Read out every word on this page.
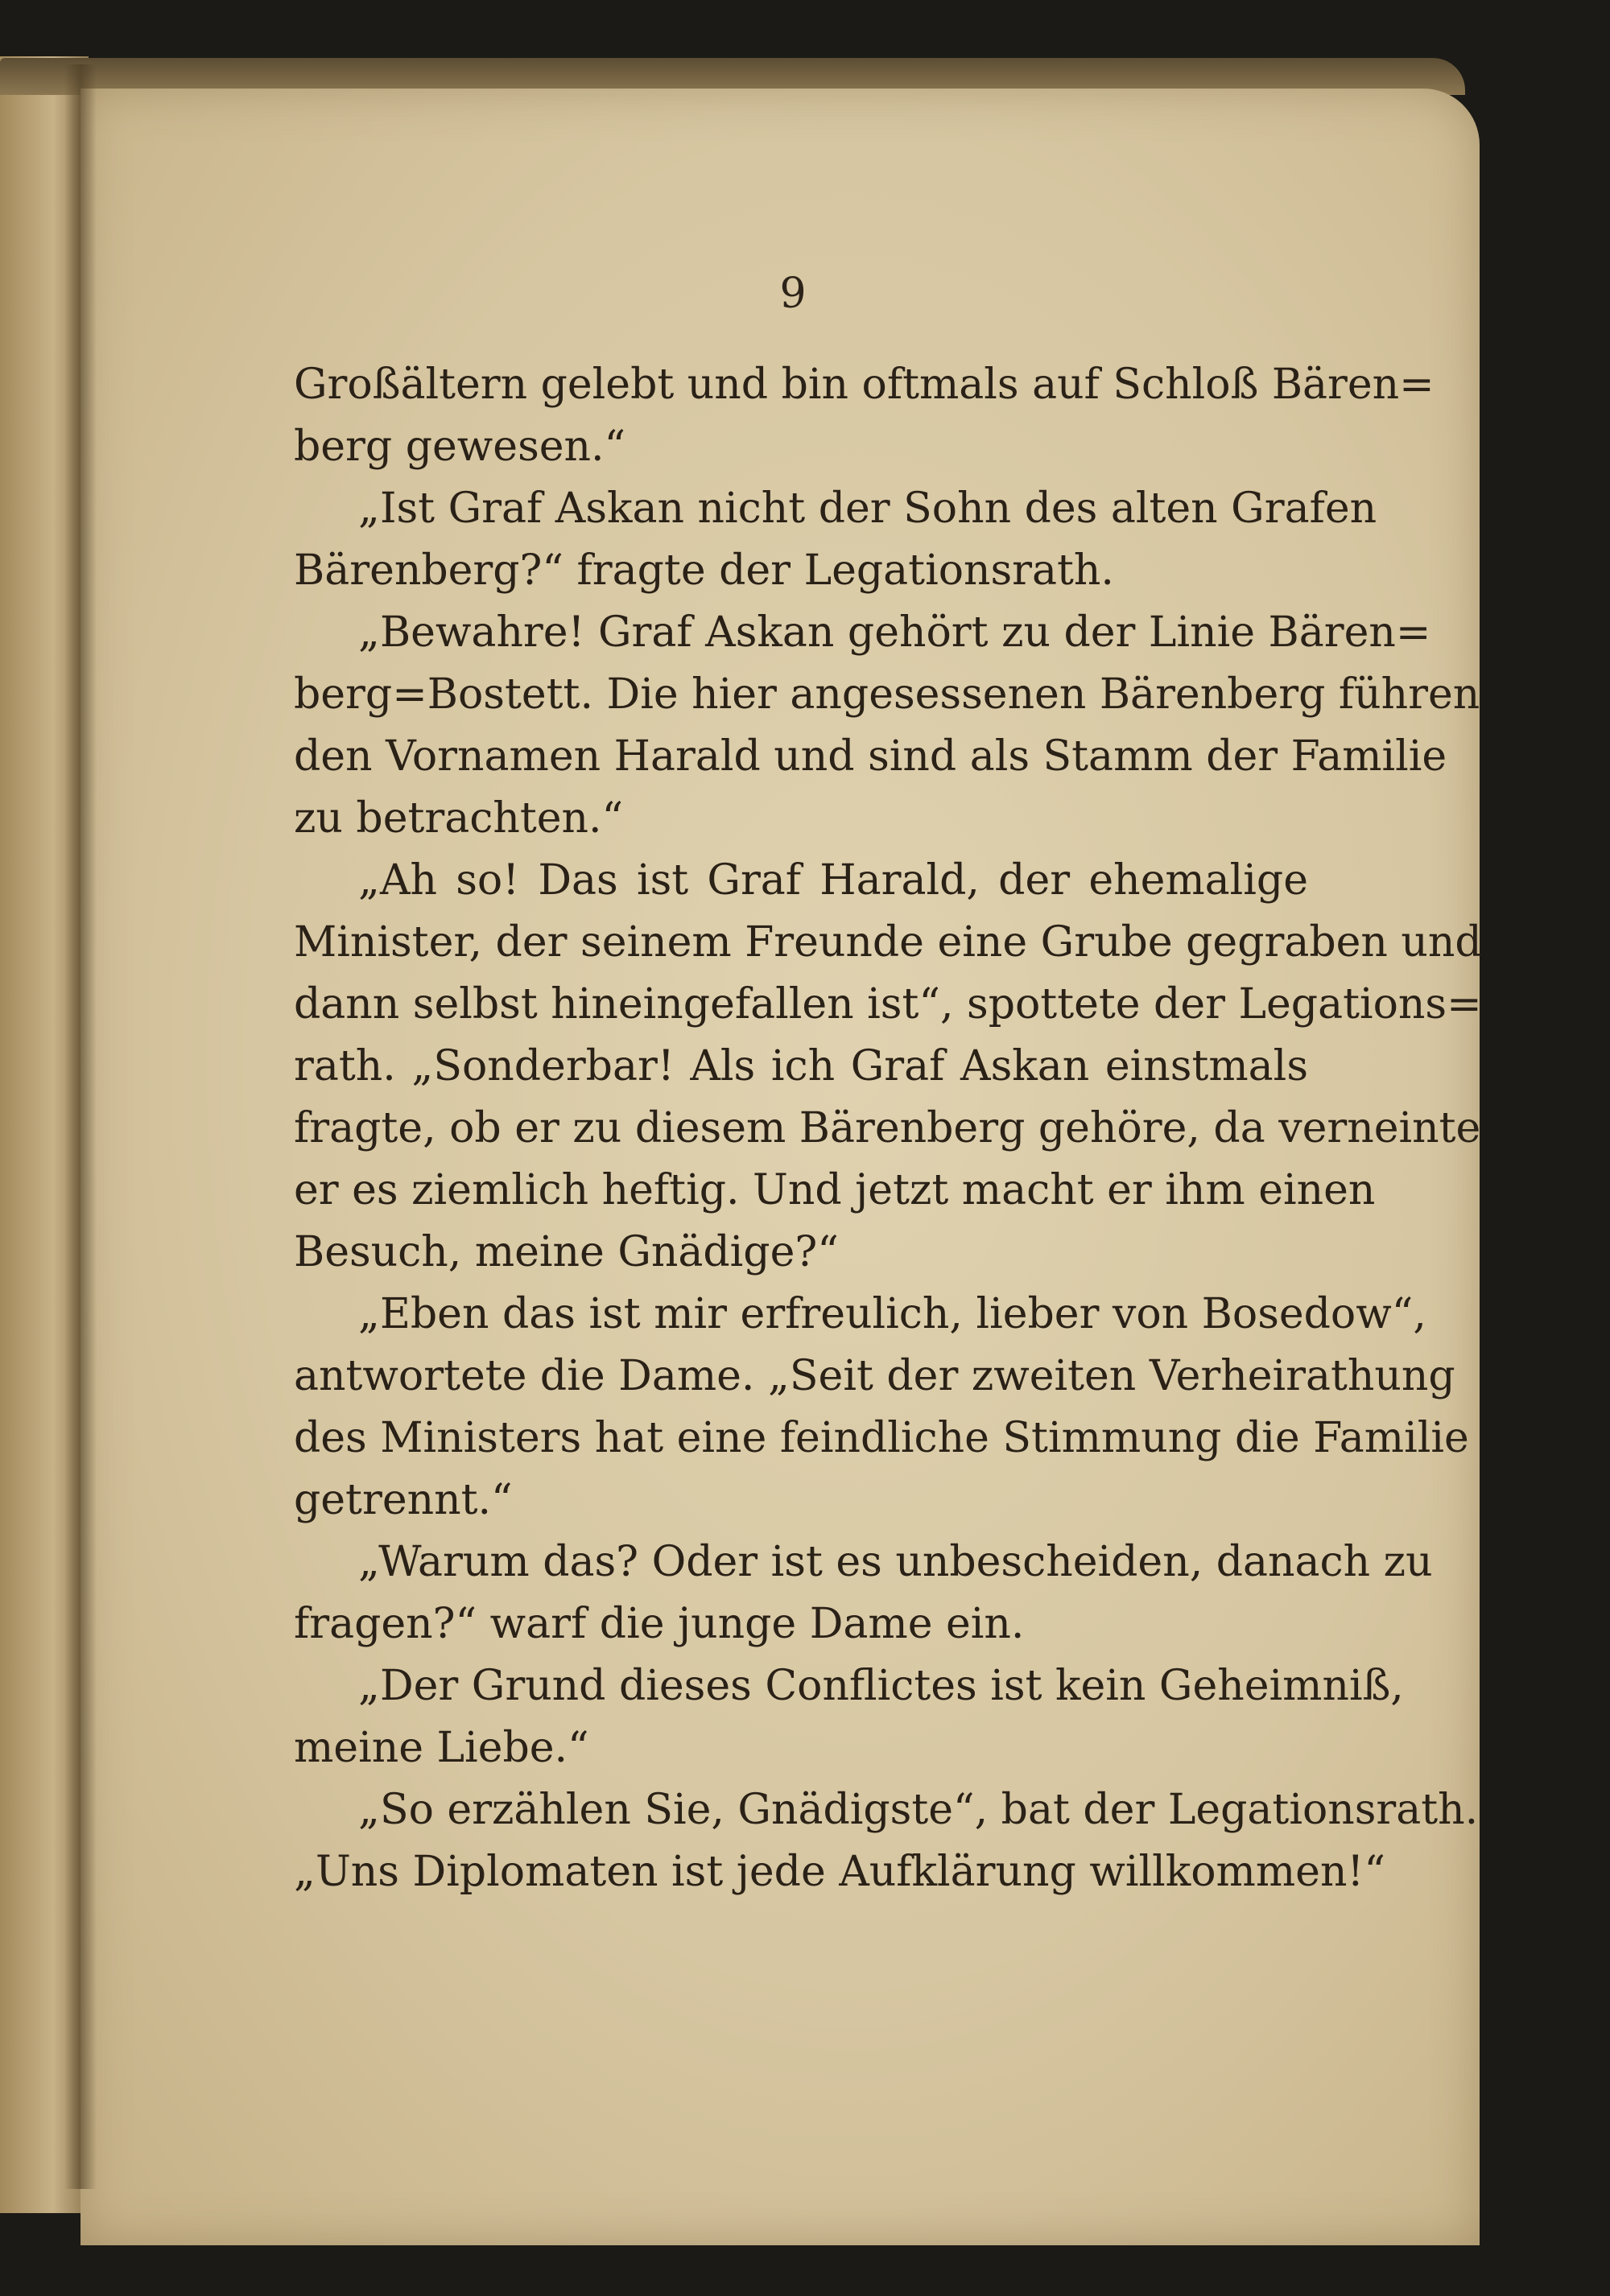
9
Großältern gelebt und bin oftmals auf Schloß Bären=
berg gewesen.“
„Ist Graf Askan nicht der Sohn des alten Grafen
Bärenberg?“ fragte der Legationsrath.
„Bewahre! Graf Askan gehört zu der Linie Bären=
berg=Bostett. Die hier angesessenen Bärenberg führen
den Vornamen Harald und sind als Stamm der Familie
zu betrachten.“
„Ah so! Das ist Graf Harald, der ehemalige
Minister, der seinem Freunde eine Grube gegraben und
dann selbst hineingefallen ist“, spottete der Legations=
rath. „Sonderbar! Als ich Graf Askan einstmals
fragte, ob er zu diesem Bärenberg gehöre, da verneinte
er es ziemlich heftig. Und jetzt macht er ihm einen
Besuch, meine Gnädige?“
„Eben das ist mir erfreulich, lieber von Bosedow“,
antwortete die Dame. „Seit der zweiten Verheirathung
des Ministers hat eine feindliche Stimmung die Familie
getrennt.“
„Warum das? Oder ist es unbescheiden, danach zu
fragen?“ warf die junge Dame ein.
„Der Grund dieses Conflictes ist kein Geheimniß,
meine Liebe.“
„So erzählen Sie, Gnädigste“, bat der Legationsrath.
„Uns Diplomaten ist jede Aufklärung willkommen!“
